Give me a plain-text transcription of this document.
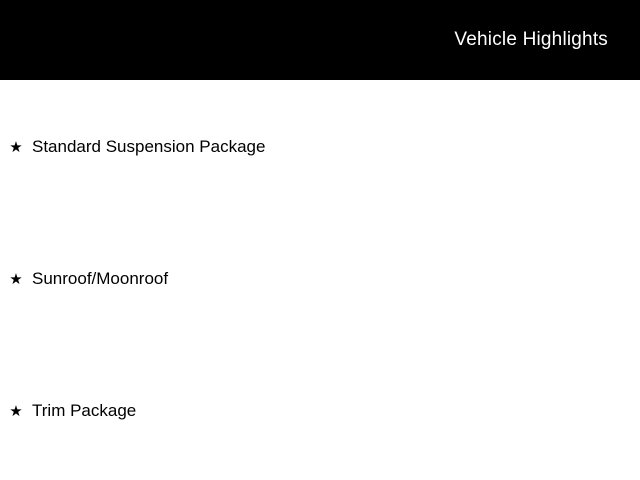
Vehicle Highlights
★ Standard Suspension Package
★ Sunroof/Moonroof
★ Trim Package
